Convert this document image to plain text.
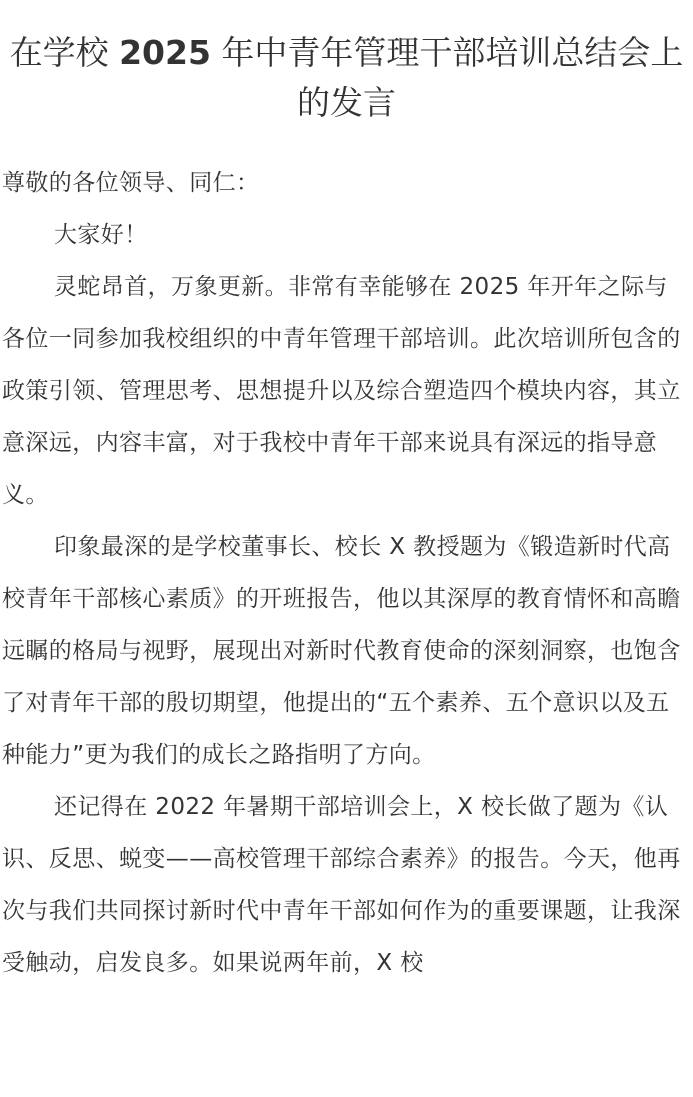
在学校 2025 年中青年管理干部培训总结会上的发言

尊敬的各位领导、同仁：

大家好！

灵蛇昂首，万象更新。非常有幸能够在 2025 年开年之际与各位一同参加我校组织的中青年管理干部培训。此次培训所包含的政策引领、管理思考、思想提升以及综合塑造四个模块内容，其立意深远，内容丰富，对于我校中青年干部来说具有深远的指导意义。

印象最深的是学校董事长、校长 X 教授题为《锻造新时代高校青年干部核心素质》的开班报告，他以其深厚的教育情怀和高瞻远瞩的格局与视野，展现出对新时代教育使命的深刻洞察，也饱含了对青年干部的殷切期望，他提出的“五个素养、五个意识以及五种能力”更为我们的成长之路指明了方向。

还记得在 2022 年暑期干部培训会上，X 校长做了题为《认识、反思、蜕变——高校管理干部综合素养》的报告。今天，他再次与我们共同探讨新时代中青年干部如何作为的重要课题，让我深受触动，启发良多。如果说两年前，X 校
